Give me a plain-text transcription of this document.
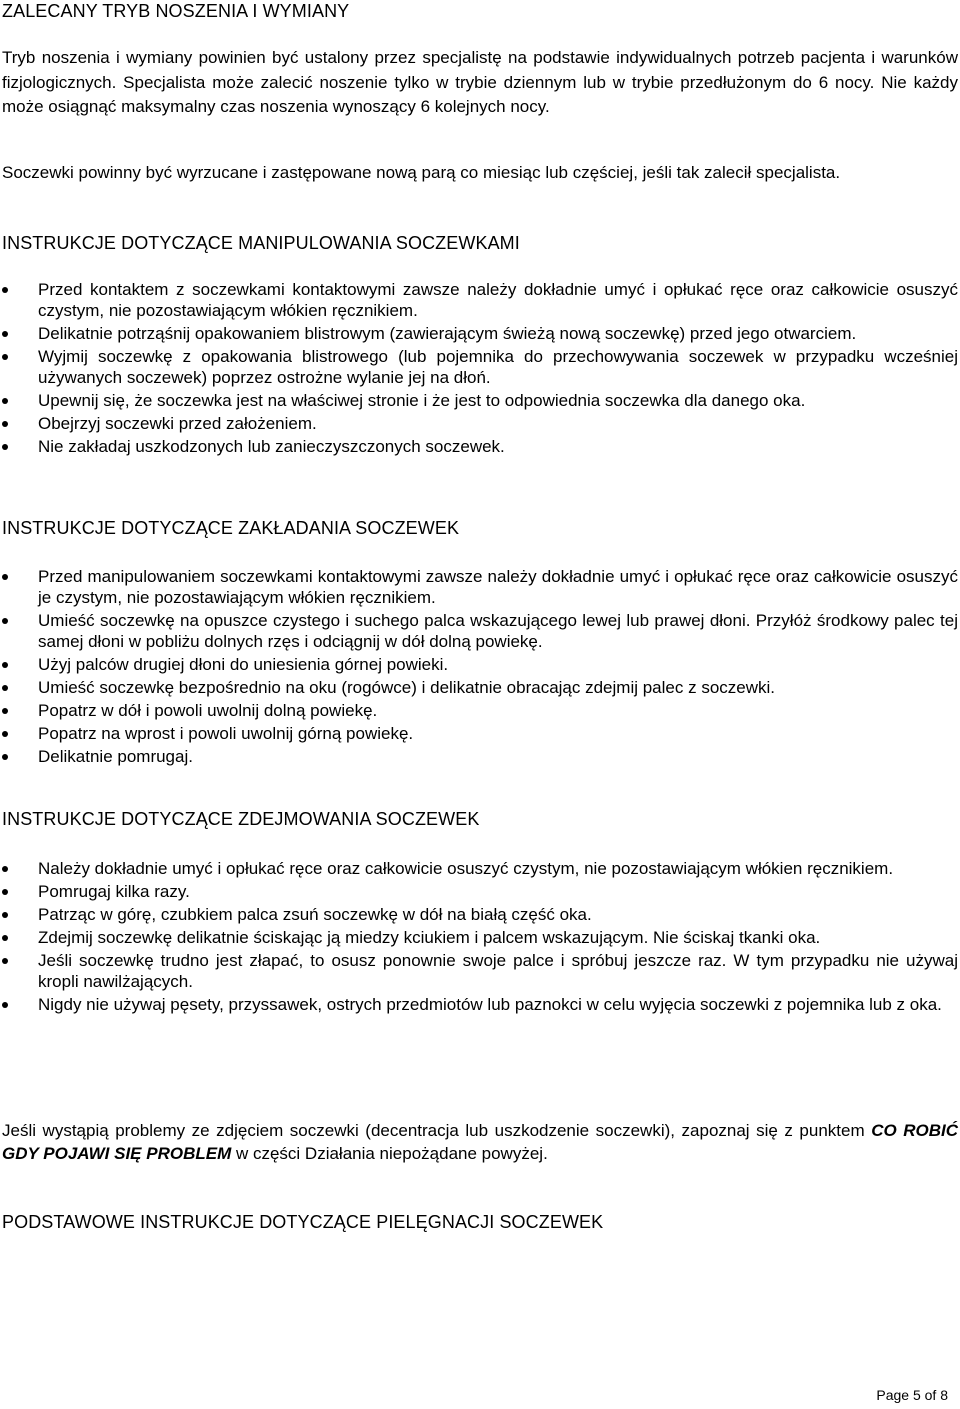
ZALECANY TRYB NOSZENIA I WYMIANY

Tryb noszenia i wymiany powinien być ustalony przez specjalistę na podstawie indywidualnych potrzeb pacjenta i warunków fizjologicznych. Specjalista może zalecić noszenie tylko w trybie dziennym lub w trybie przedłużonym do 6 nocy. Nie każdy może osiągnąć maksymalny czas noszenia wynoszący 6 kolejnych nocy.

Soczewki powinny być wyrzucane i zastępowane nową parą co miesiąc lub częściej, jeśli tak zalecił specjalista.

INSTRUKCJE DOTYCZĄCE MANIPULOWANIA SOCZEWKAMI
Przed kontaktem z soczewkami kontaktowymi zawsze należy dokładnie umyć i opłukać ręce oraz całkowicie osuszyć czystym, nie pozostawiającym włókien ręcznikiem.
Delikatnie potrząśnij opakowaniem blistrowym (zawierającym świeżą nową soczewkę) przed jego otwarciem.
Wyjmij soczewkę z opakowania blistrowego (lub pojemnika do przechowywania soczewek w przypadku wcześniej używanych soczewek) poprzez ostrożne wylanie jej na dłoń.
Upewnij się, że soczewka jest na właściwej stronie i że jest to odpowiednia soczewka dla danego oka.
Obejrzyj soczewki przed założeniem.
Nie zakładaj uszkodzonych lub zanieczyszczonych soczewek.
INSTRUKCJE DOTYCZĄCE ZAKŁADANIA SOCZEWEK
Przed manipulowaniem soczewkami kontaktowymi zawsze należy dokładnie umyć i opłukać ręce oraz całkowicie osuszyć je czystym, nie pozostawiającym włókien ręcznikiem.
Umieść soczewkę na opuszce czystego i suchego palca wskazującego lewej lub prawej dłoni. Przyłóż środkowy palec tej samej dłoni w pobliżu dolnych rzęs i odciągnij w dół dolną powiekę.
Użyj palców drugiej dłoni do uniesienia górnej powieki.
Umieść soczewkę bezpośrednio na oku (rogówce) i delikatnie obracając zdejmij palec z soczewki.
Popatrz w dół i powoli uwolnij dolną powiekę.
Popatrz na wprost i powoli uwolnij górną powiekę.
Delikatnie pomrugaj.
INSTRUKCJE DOTYCZĄCE ZDEJMOWANIA SOCZEWEK
Należy dokładnie umyć i opłukać ręce oraz całkowicie osuszyć czystym, nie pozostawiającym włókien ręcznikiem.
Pomrugaj kilka razy.
Patrząc w górę, czubkiem palca zsuń soczewkę w dół na białą część oka.
Zdejmij soczewkę delikatnie ściskając ją miedzy kciukiem i palcem wskazującym. Nie ściskaj tkanki oka.
Jeśli soczewkę trudno jest złapać, to osusz ponownie swoje palce i spróbuj jeszcze raz. W tym przypadku nie używaj kropli nawilżających.
Nigdy nie używaj pęsety, przyssawek, ostrych przedmiotów lub paznokci w celu wyjęcia soczewki z pojemnika lub z oka.

Jeśli wystąpią problemy ze zdjęciem soczewki (decentracja lub uszkodzenie soczewki), zapoznaj się z punktem CO ROBIĆ GDY POJAWI SIĘ PROBLEM w części Działania niepożądane powyżej.

PODSTAWOWE INSTRUKCJE DOTYCZĄCE PIELĘGNACJI SOCZEWEK
Page 5 of 8
